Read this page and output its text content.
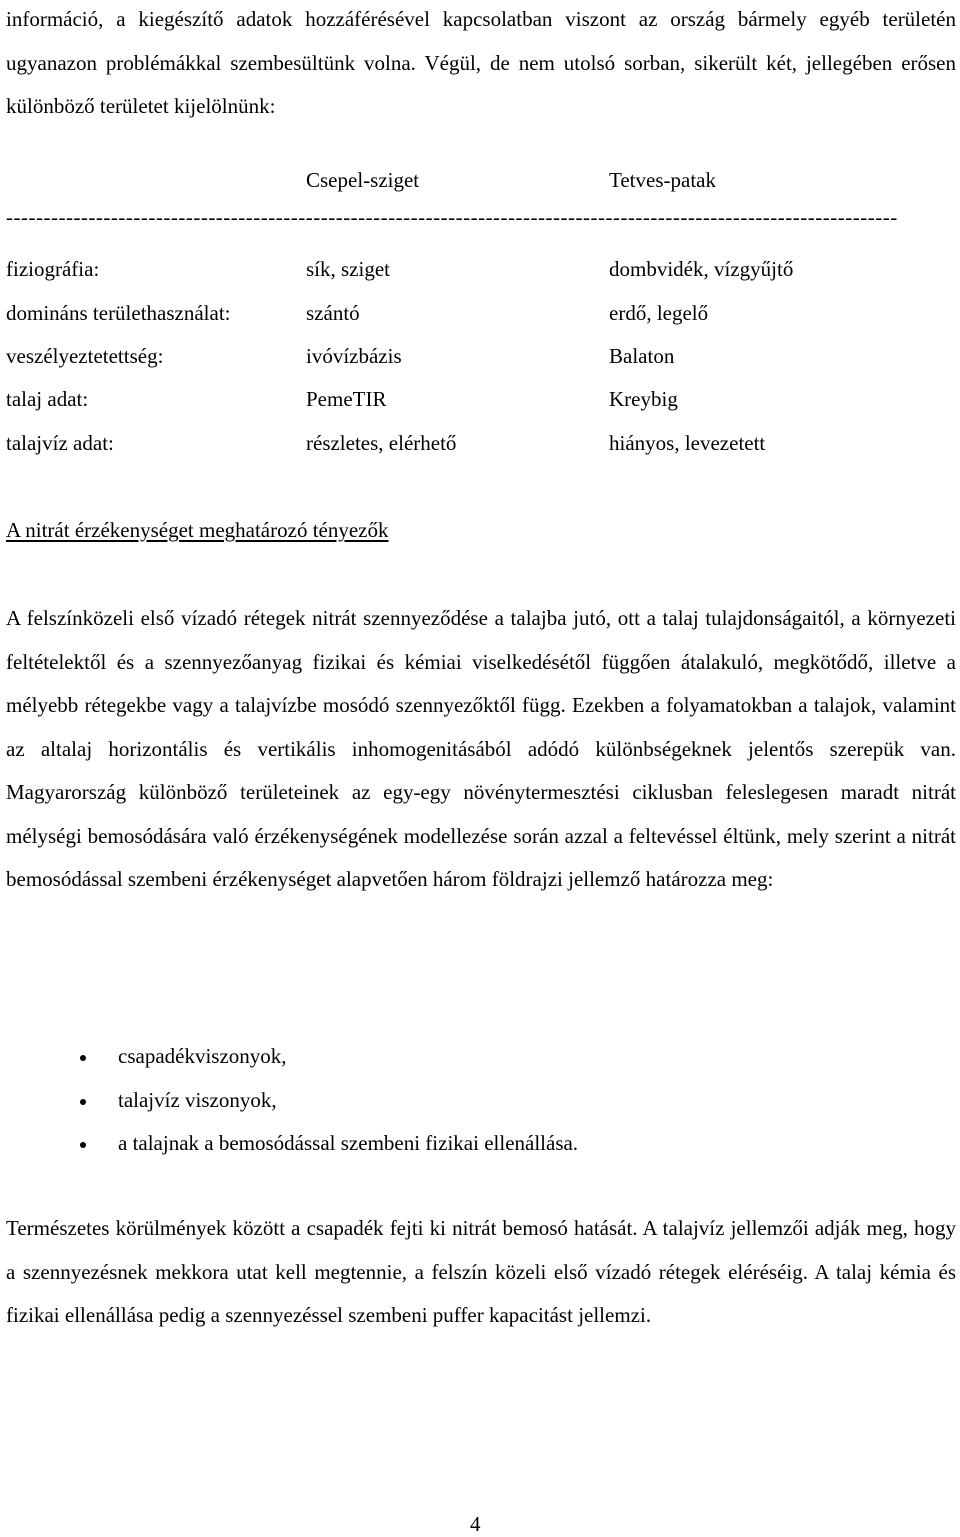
információ, a kiegészítő adatok hozzáférésével kapcsolatban viszont az ország bármely egyéb területén ugyanazon problémákkal szembesültünk volna. Végül, de nem utolsó sorban, sikerült két, jellegében erősen különböző területet kijelölnünk:

Csepel-sziget	Tetves-patak
-----------------------------------------------------------------------------------------------------------------------
fiziográfia:	sík, sziget	dombvidék, vízgyűjtő
domináns területhasználat:	szántó	erdő, legelő
veszélyeztetettség:	ivóvízbázis	Balaton
talaj adat:	PemeTIR	Kreybig
talajvíz adat:	részletes, elérhető	hiányos, levezetett
A nitrát érzékenységet meghatározó tényezők

A felszínközeli első vízadó rétegek nitrát szennyeződése a talajba jutó, ott a talaj tulajdonságaitól, a környezeti feltételektől és a szennyezőanyag fizikai és kémiai viselkedésétől függően átalakuló, megkötődő, illetve a mélyebb rétegekbe vagy a talajvízbe mosódó szennyezőktől függ. Ezekben a folyamatokban a talajok, valamint az altalaj horizontális és vertikális inhomogenitásából adódó különbségeknek jelentős szerepük van. Magyarország különböző területeinek az egy-egy növénytermesztési ciklusban feleslegesen maradt nitrát mélységi bemosódására való érzékenységének modellezése során azzal a feltevéssel éltünk, mely szerint a nitrát bemosódással szembeni érzékenységet alapvetően három földrajzi jellemző határozza meg:

csapadékviszonyok,
talajvíz viszonyok,
a talajnak a bemosódással szembeni fizikai ellenállása.

Természetes körülmények között a csapadék fejti ki nitrát bemosó hatását. A talajvíz jellemzői adják meg, hogy a szennyezésnek mekkora utat kell megtennie, a felszín közeli első vízadó rétegek eléréséig. A talaj kémia és fizikai ellenállása pedig a szennyezéssel szembeni puffer kapacitást jellemzi.

4
